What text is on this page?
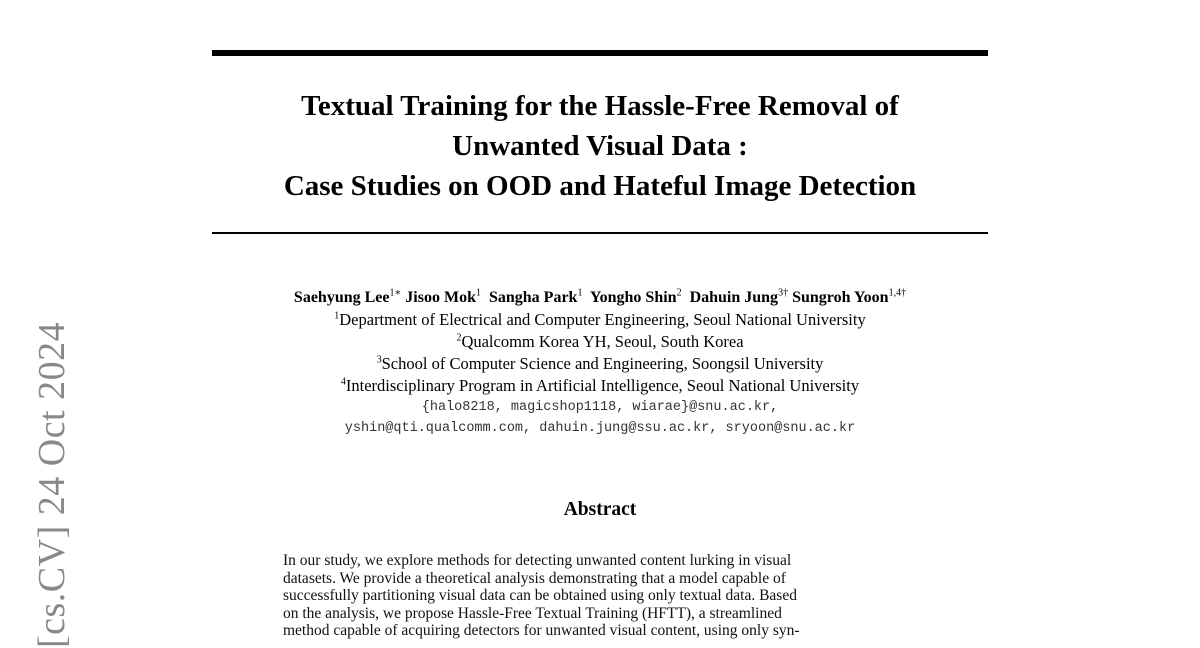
[cs.CV] 24 Oct 2024
Textual Training for the Hassle-Free Removal of
Unwanted Visual Data :
Case Studies on OOD and Hateful Image Detection
Saehyung Lee$^{1∗}$ Jisoo Mok$^1$ Sangha Park$^1$ Yongho Shin$^2$ Dahuin Jung$^{3\dagger}$ Sungroh Yoon$^{1,4\dagger}$
$^1$Department of Electrical and Computer Engineering, Seoul National University
$^2$Qualcomm Korea YH, Seoul, South Korea
$^3$School of Computer Science and Engineering, Soongsil University
$^4$Interdisciplinary Program in Artificial Intelligence, Seoul National University
{halo8218, magicshop1118, wiarae}@snu.ac.kr,
yshin@qti.qualcomm.com, dahuin.jung@ssu.ac.kr, sryoon@snu.ac.kr
Abstract
In our study, we explore methods for detecting unwanted content lurking in visual
datasets. We provide a theoretical analysis demonstrating that a model capable of
successfully partitioning visual data can be obtained using only textual data. Based
on the analysis, we propose Hassle-Free Textual Training (HFTT), a streamlined
method capable of acquiring detectors for unwanted visual content, using only syn-
